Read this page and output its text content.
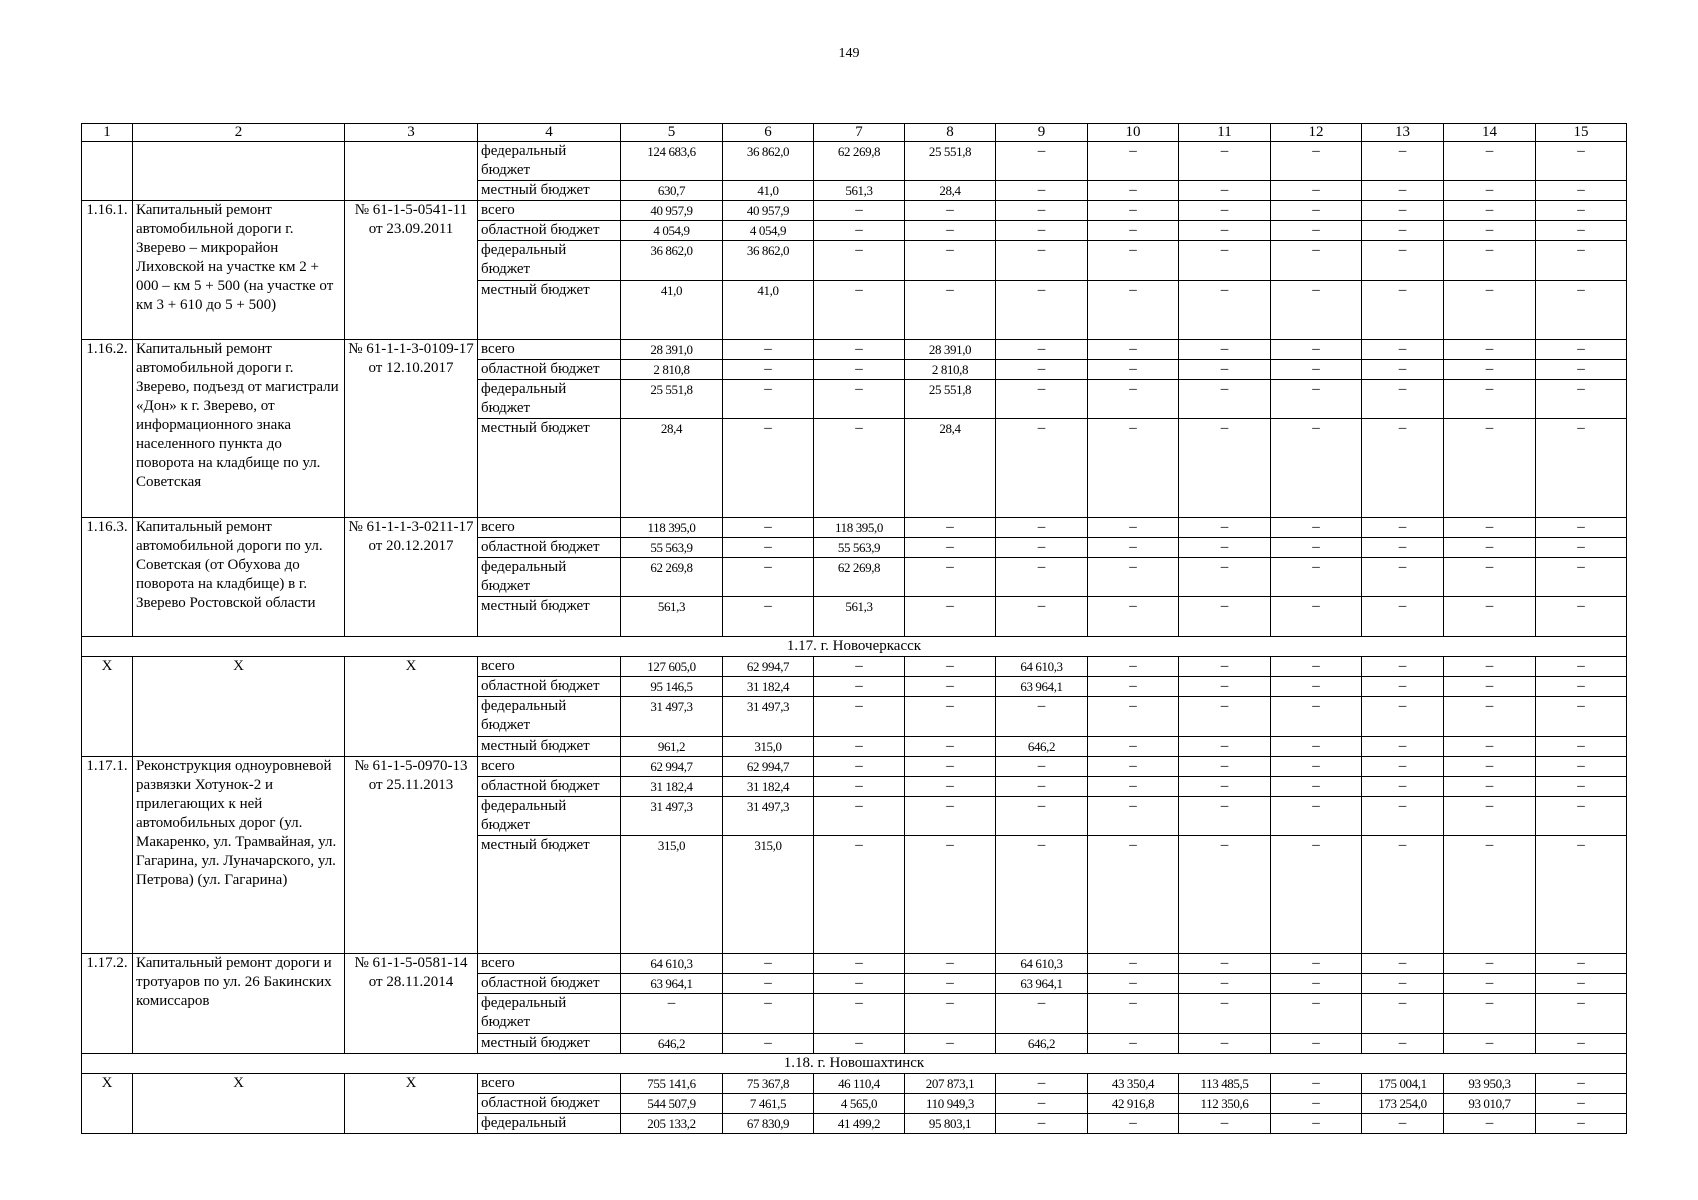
149
1	2	3	4	5	6	7	8	9	10	11	12	13	14	15
			федеральный бюджет	124 683,6	36 862,0	62 269,8	25 551,8	–	–	–	–	–	–	–
			местный бюджет	630,7	41,0	561,3	28,4	–	–	–	–	–	–	–
1.16.1.	Капитальный ремонт автомобильной дороги г. Зверево – микрорайон Лиховской на участке км 2 + 000 – км 5 + 500 (на участке от км 3 + 610 до 5 + 500)	№ 61-1-5-0541-11 от 23.09.2011	всего	40 957,9	40 957,9	–	–	–	–	–	–	–	–	–
			областной бюджет	4 054,9	4 054,9	–	–	–	–	–	–	–	–	–
			федеральный бюджет	36 862,0	36 862,0	–	–	–	–	–	–	–	–	–
			местный бюджет	41,0	41,0	–	–	–	–	–	–	–	–	–
1.16.2.	Капитальный ремонт автомобильной дороги г. Зверево, подъезд от магистрали «Дон» к г. Зверево, от информационного знака населенного пункта до поворота на кладбище по ул. Советская	№ 61-1-1-3-0109-17 от 12.10.2017	всего	28 391,0	–	–	28 391,0	–	–	–	–	–	–	–
			областной бюджет	2 810,8	–	–	2 810,8	–	–	–	–	–	–	–
			федеральный бюджет	25 551,8	–	–	25 551,8	–	–	–	–	–	–	–
			местный бюджет	28,4	–	–	28,4	–	–	–	–	–	–	–
1.16.3.	Капитальный ремонт автомобильной дороги по ул. Советская (от Обухова до поворота на кладбище) в г. Зверево Ростовской области	№ 61-1-1-3-0211-17 от 20.12.2017	всего	118 395,0	–	118 395,0	–	–	–	–	–	–	–	–
			областной бюджет	55 563,9	–	55 563,9	–	–	–	–	–	–	–	–
			федеральный бюджет	62 269,8	–	62 269,8	–	–	–	–	–	–	–	–
			местный бюджет	561,3	–	561,3	–	–	–	–	–	–	–	–
1.17. г. Новочеркасск														
X	X	X	всего	127 605,0	62 994,7	–	–	64 610,3	–	–	–	–	–	–
			областной бюджет	95 146,5	31 182,4	–	–	63 964,1	–	–	–	–	–	–
			федеральный бюджет	31 497,3	31 497,3	–	–	–	–	–	–	–	–	–
			местный бюджет	961,2	315,0	–	–	646,2	–	–	–	–	–	–
1.17.1.	Реконструкция одноуровневой развязки Хотунок-2 и прилегающих к ней автомобильных дорог (ул. Макаренко, ул. Трамвайная, ул. Гагарина, ул. Луначарского, ул. Петрова) (ул. Гагарина)	№ 61-1-5-0970-13 от 25.11.2013	всего	62 994,7	62 994,7	–	–	–	–	–	–	–	–	–
			областной бюджет	31 182,4	31 182,4	–	–	–	–	–	–	–	–	–
			федеральный бюджет	31 497,3	31 497,3	–	–	–	–	–	–	–	–	–
			местный бюджет	315,0	315,0	–	–	–	–	–	–	–	–	–
1.17.2.	Капитальный ремонт дороги и тротуаров по ул. 26 Бакинских комиссаров	№ 61-1-5-0581-14 от 28.11.2014	всего	64 610,3	–	–	–	64 610,3	–	–	–	–	–	–
			областной бюджет	63 964,1	–	–	–	63 964,1	–	–	–	–	–	–
			федеральный бюджет	–	–	–	–	–	–	–	–	–	–	–
			местный бюджет	646,2	–	–	–	646,2	–	–	–	–	–	–
1.18. г. Новошахтинск														
X	X	X	всего	755 141,6	75 367,8	46 110,4	207 873,1	–	43 350,4	113 485,5	–	175 004,1	93 950,3	–
			областной бюджет	544 507,9	7 461,5	4 565,0	110 949,3	–	42 916,8	112 350,6	–	173 254,0	93 010,7	–
			федеральный	205 133,2	67 830,9	41 499,2	95 803,1	–	–	–	–	–	–	–
